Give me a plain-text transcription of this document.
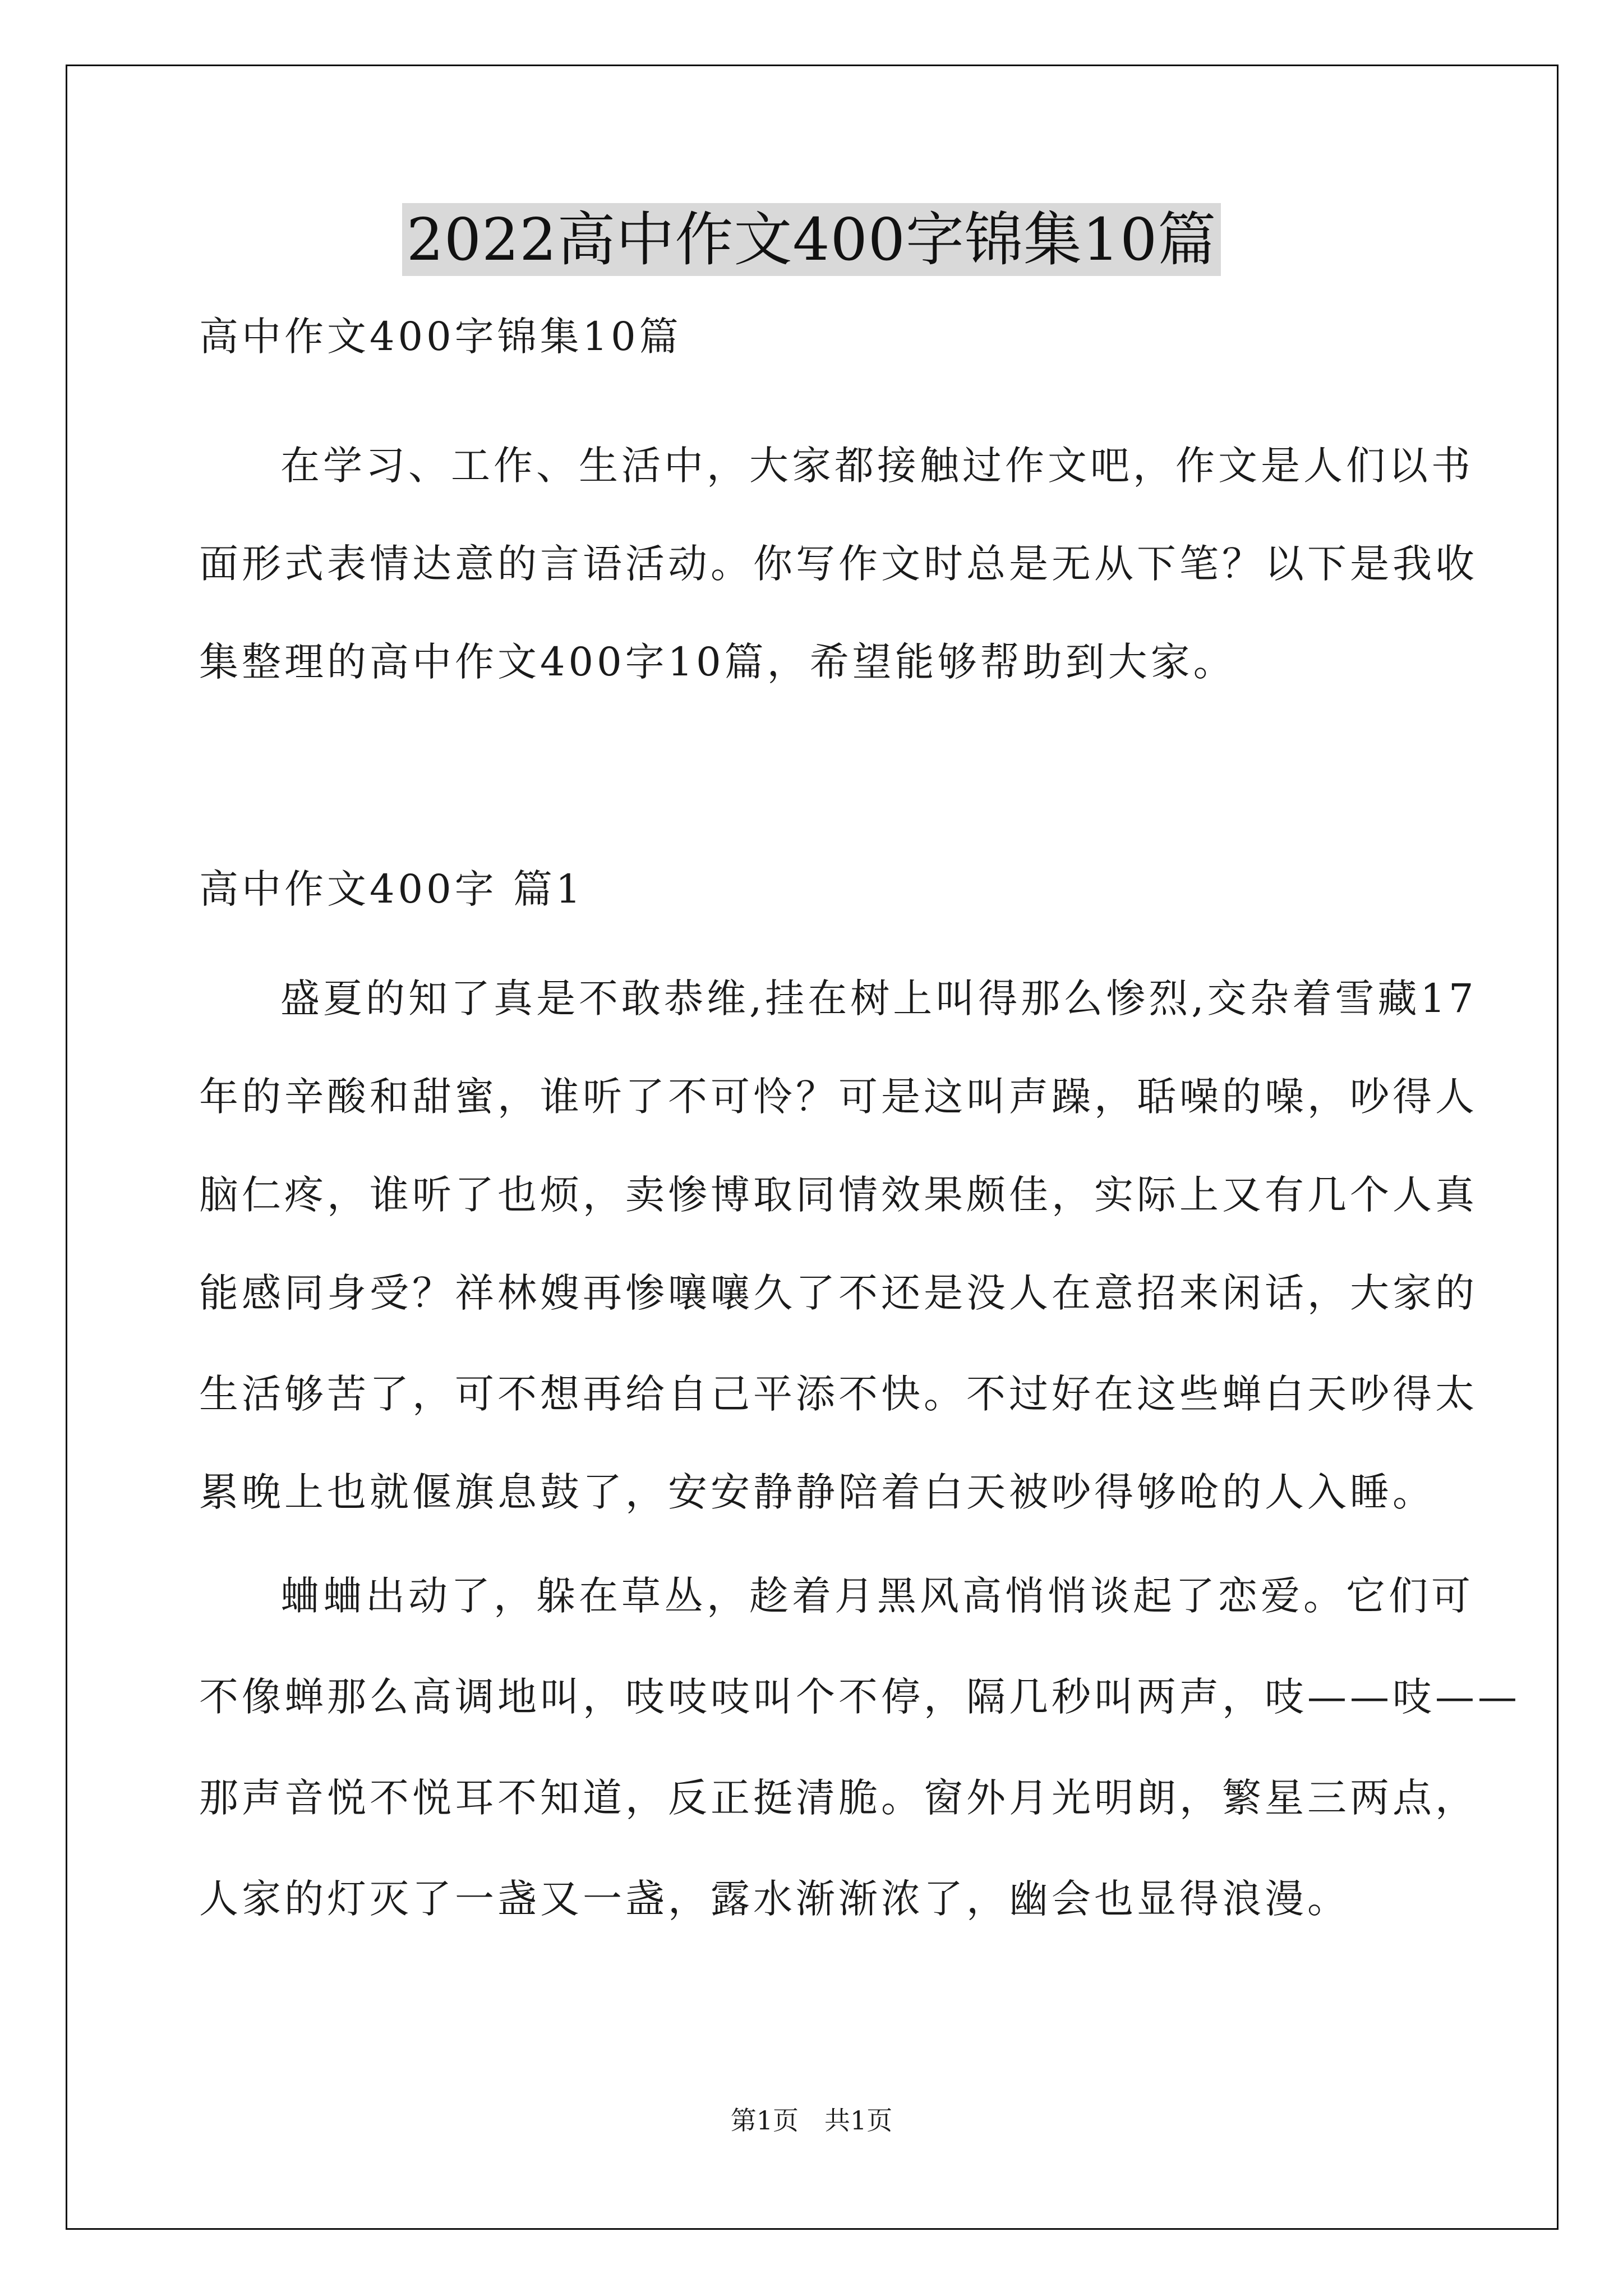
2022高中作文400字锦集10篇
高中作文400字锦集10篇
在学习、工作、生活中，大家都接触过作文吧，作文是人们以书
面形式表情达意的言语活动。你写作文时总是无从下笔？以下是我收
集整理的高中作文400字10篇，希望能够帮助到大家。
高中作文400字 篇1
盛夏的知了真是不敢恭维,挂在树上叫得那么惨烈,交杂着雪藏17
年的辛酸和甜蜜，谁听了不可怜？可是这叫声躁，聒噪的噪，吵得人
脑仁疼，谁听了也烦，卖惨博取同情效果颇佳，实际上又有几个人真
能感同身受？祥林嫂再惨嚷嚷久了不还是没人在意招来闲话，大家的
生活够苦了，可不想再给自己平添不快。不过好在这些蝉白天吵得太
累晚上也就偃旗息鼓了，安安静静陪着白天被吵得够呛的人入睡。
蛐蛐出动了，躲在草丛，趁着月黑风高悄悄谈起了恋爱。它们可
不像蝉那么高调地叫，吱吱吱叫个不停，隔几秒叫两声，吱——吱——
那声音悦不悦耳不知道，反正挺清脆。窗外月光明朗，繁星三两点，
人家的灯灭了一盏又一盏，露水渐渐浓了，幽会也显得浪漫。
第1页　共1页
